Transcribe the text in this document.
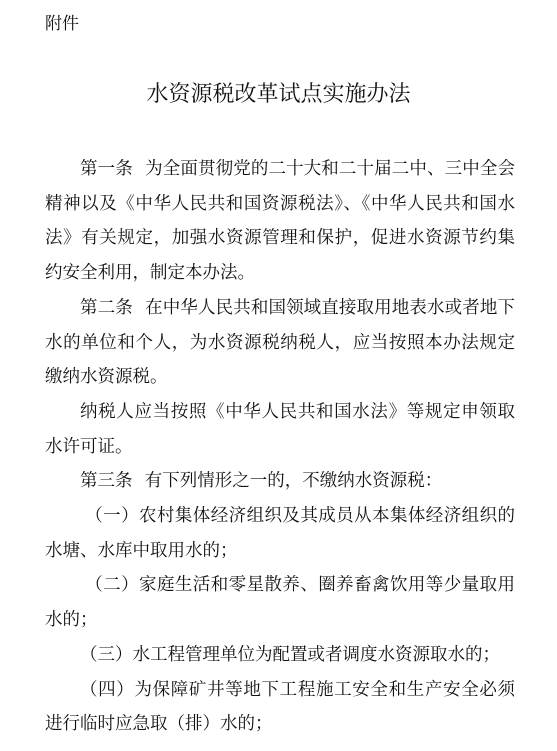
附件
水资源税改革试点实施办法

第一条 为全面贯彻党的二十大和二十届二中、三中全会精神以及《中华人民共和国资源税法》、《中华人民共和国水法》有关规定，加强水资源管理和保护，促进水资源节约集约安全利用，制定本办法。

第二条 在中华人民共和国领域直接取用地表水或者地下水的单位和个人，为水资源税纳税人，应当按照本办法规定缴纳水资源税。

纳税人应当按照《中华人民共和国水法》等规定申领取水许可证。

第三条 有下列情形之一的，不缴纳水资源税：

（一）农村集体经济组织及其成员从本集体经济组织的水塘、水库中取用水的；

（二）家庭生活和零星散养、圈养畜禽饮用等少量取用水的；

（三）水工程管理单位为配置或者调度水资源取水的；

（四）为保障矿井等地下工程施工安全和生产安全必须进行临时应急取（排）水的；
